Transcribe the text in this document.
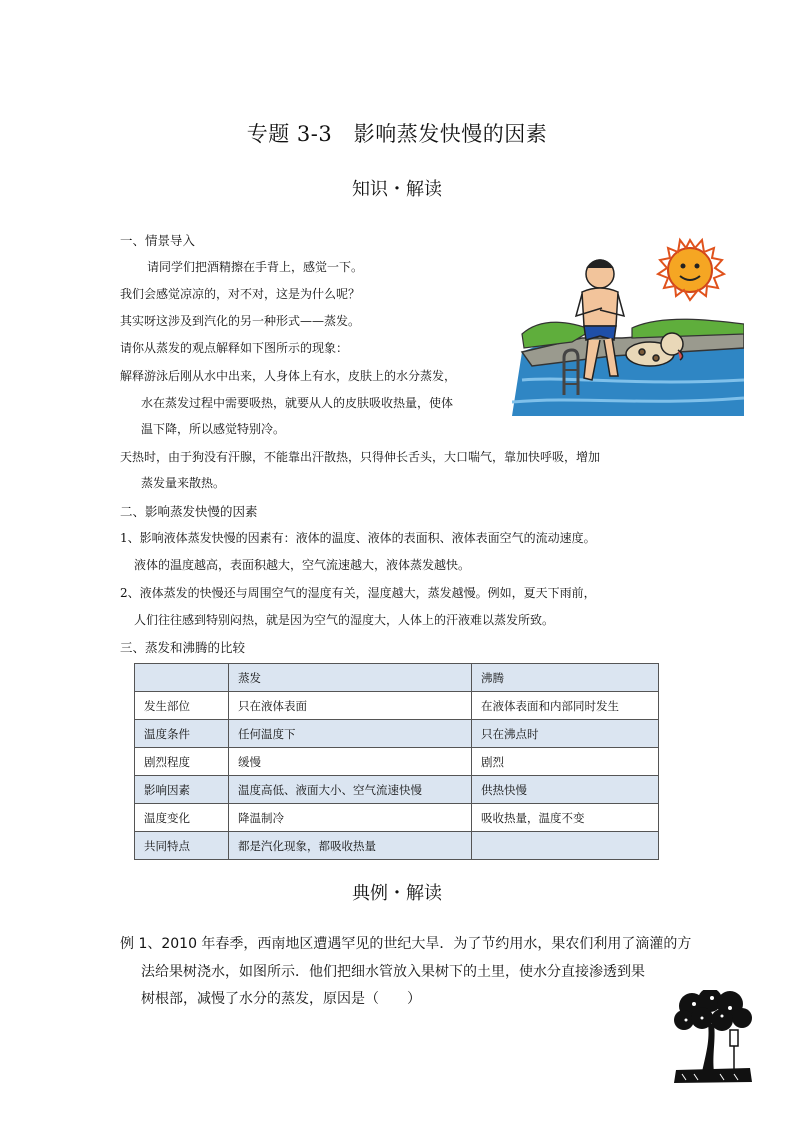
专题 3-3　影响蒸发快慢的因素
知识・解读
一、情景导入
请同学们把酒精擦在手背上，感觉一下。
我们会感觉凉凉的，对不对，这是为什么呢？
其实呀这涉及到汽化的另一种形式——蒸发。
请你从蒸发的观点解释如下图所示的现象：
解释游泳后刚从水中出来，人身体上有水，皮肤上的水分蒸发，
水在蒸发过程中需要吸热，就要从人的皮肤吸收热量，使体
温下降，所以感觉特别冷。
天热时，由于狗没有汗腺，不能靠出汗散热，只得伸长舌头，大口喘气，靠加快呼吸，增加
蒸发量来散热。
二、影响蒸发快慢的因素
1、影响液体蒸发快慢的因素有：液体的温度、液体的表面积、液体表面空气的流动速度。
液体的温度越高，表面积越大，空气流速越大，液体蒸发越快。
2、液体蒸发的快慢还与周围空气的湿度有关，湿度越大，蒸发越慢。例如，夏天下雨前，
人们往往感到特别闷热，就是因为空气的湿度大，人体上的汗液难以蒸发所致。
三、蒸发和沸腾的比较
	蒸发	沸腾
发生部位	只在液体表面	在液体表面和内部同时发生
温度条件	任何温度下	只在沸点时
剧烈程度	缓慢	剧烈
影响因素	温度高低、液面大小、空气流速快慢	供热快慢
温度变化	降温制冷	吸收热量，温度不变
共同特点	都是汽化现象，都吸收热量	
典例・解读
例 1、2010 年春季，西南地区遭遇罕见的世纪大旱．为了节约用水，果农们利用了滴灌的方
法给果树浇水，如图所示．他们把细水管放入果树下的土里，使水分直接渗透到果
树根部，减慢了水分的蒸发，原因是（　　）
